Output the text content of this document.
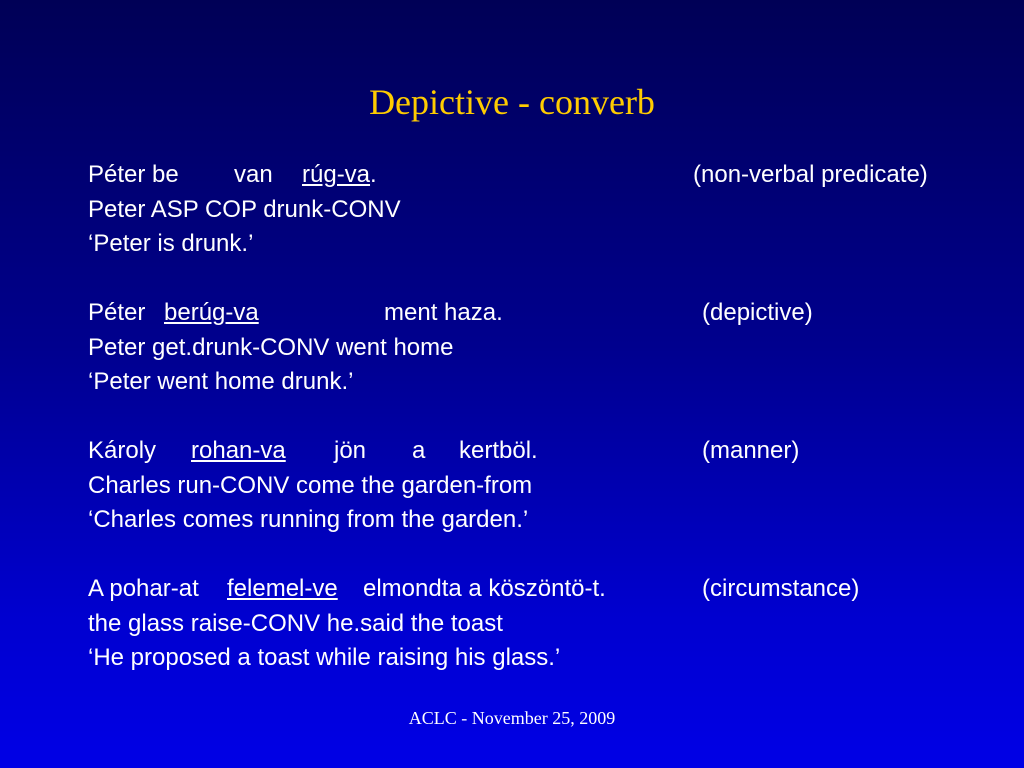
Depictive - converb
Péter be van rúg-va.	(non-verbal predicate)
Peter ASP COP drunk-CONV
‘Peter is drunk.’
Péter berúg-va	ment haza.	(depictive)
Peter get.drunk-CONV went home
‘Peter went home drunk.’
Károly rohan-va jön a kertböl.	(manner)
Charles run-CONV come the garden-from
‘Charles comes running from the garden.’
A pohar-at felemel-ve elmondta a köszöntö-t.	(circumstance)
the glass raise-CONV he.said the toast
‘He proposed a toast while raising his glass.’
ACLC - November 25, 2009
